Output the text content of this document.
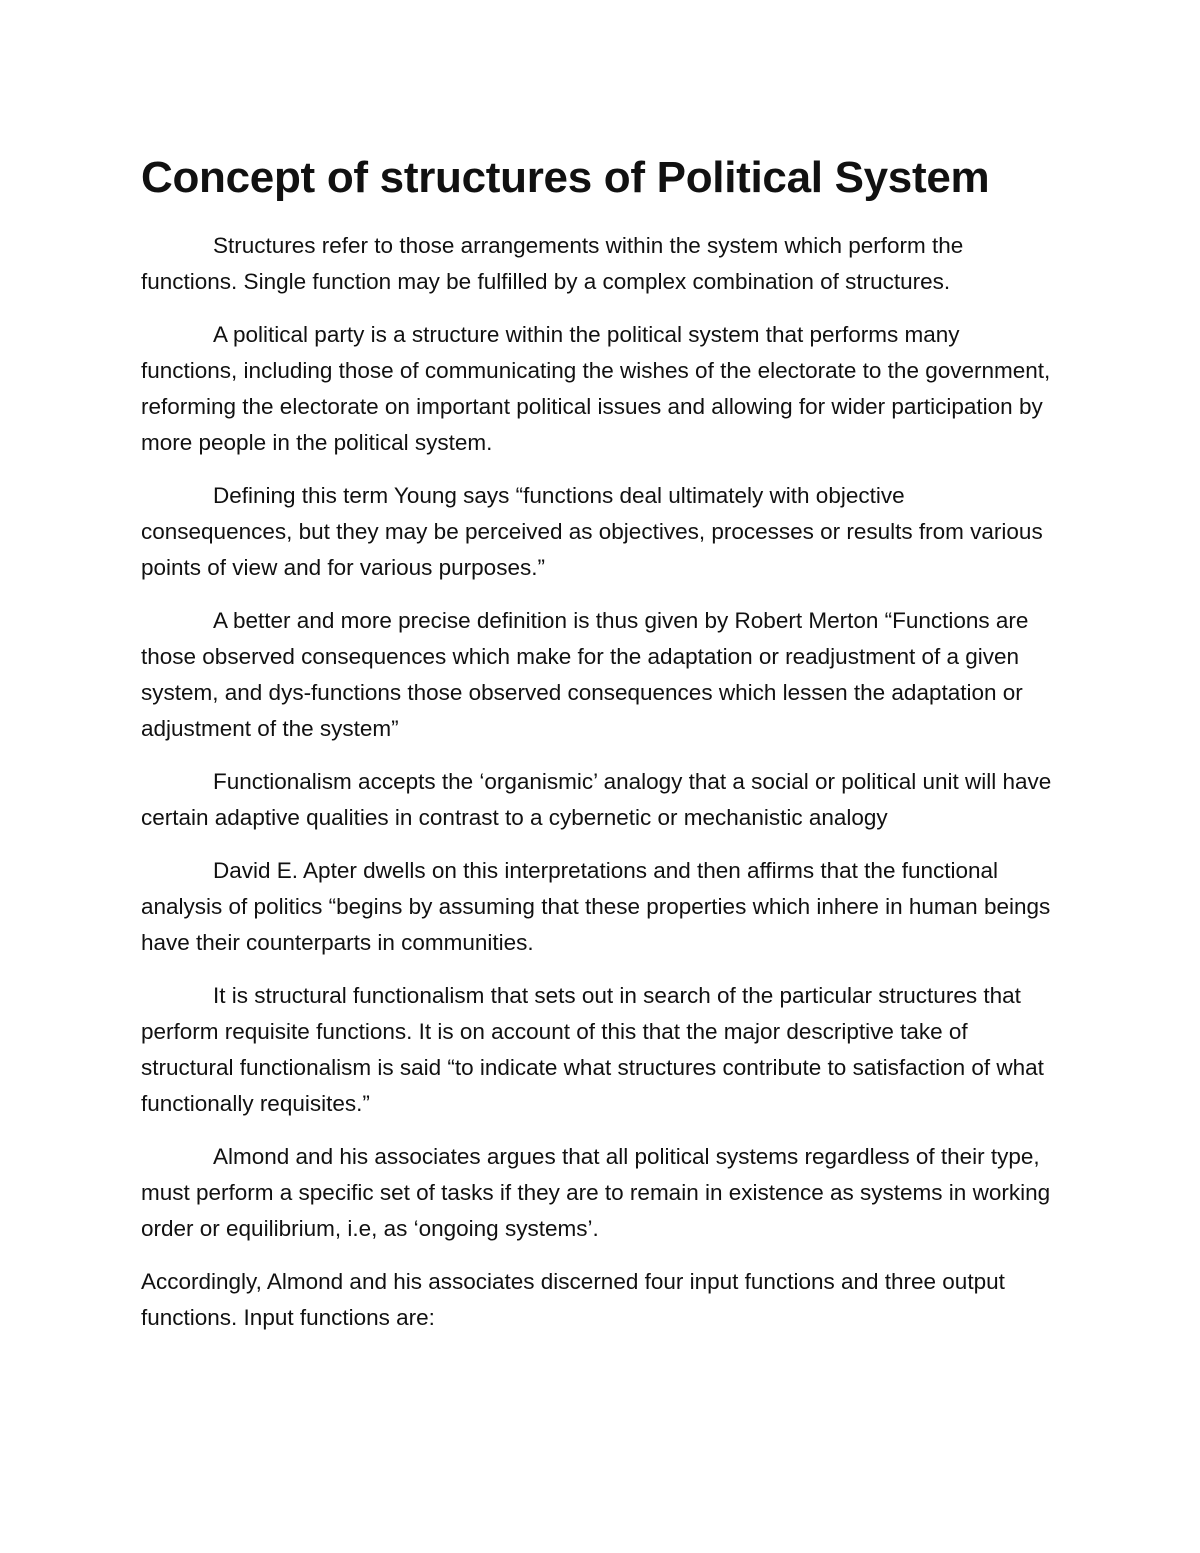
Concept of structures of Political System

Structures refer to those arrangements within the system which perform the functions. Single function may be fulfilled by a complex combination of structures.

A political party is a structure within the political system that performs many functions, including those of communicating the wishes of the electorate to the government, reforming the electorate on important political issues and allowing for wider participation by more people in the political system.

Defining this term Young says “functions deal ultimately with objective consequences, but they may be perceived as objectives, processes or results from various points of view and for various purposes.”

A better and more precise definition is thus given by Robert Merton “Functions are those observed consequences which make for the adaptation or readjustment of a given system, and dys-functions those observed consequences which lessen the adaptation or adjustment of the system”

Functionalism accepts the ‘organismic’ analogy that a social or political unit will have certain adaptive qualities in contrast to a cybernetic or mechanistic analogy

David E. Apter dwells on this interpretations and then affirms that the functional analysis of politics “begins by assuming that these properties which inhere in human beings have their counterparts in communities.

It is structural functionalism that sets out in search of the particular structures that perform requisite functions. It is on account of this that the major descriptive take of structural functionalism is said “to indicate what structures contribute to satisfaction of what functionally requisites.”

Almond and his associates argues that all political systems regardless of their type, must perform a specific set of tasks if they are to remain in existence as systems in working order or equilibrium, i.e, as ‘ongoing systems’.

Accordingly, Almond and his associates discerned four input functions and three output functions. Input functions are:
